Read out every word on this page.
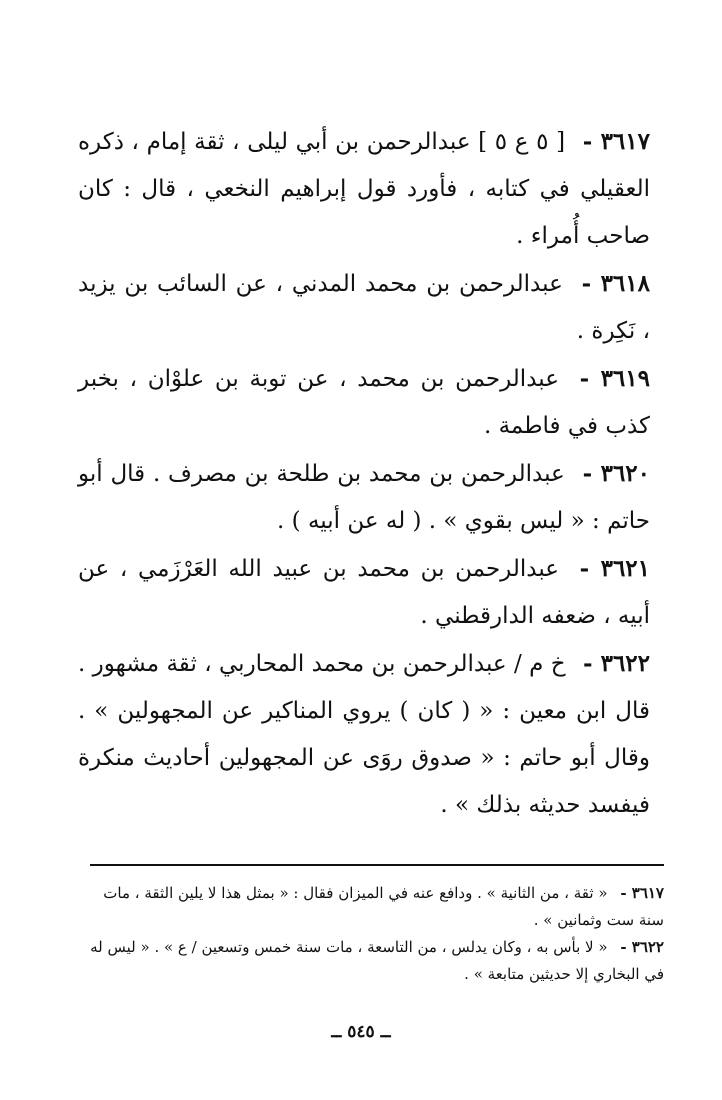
٣٦١٧ - [ ٥ ع ٥ ] عبدالرحمن بن أبي ليلى ، ثقة إمام ، ذكره العقيلي في كتابه ، فأورد قول إبراهيم النخعي ، قال : كان صاحب أُمراء .
٣٦١٨ - عبدالرحمن بن محمد المدني ، عن السائب بن يزيد ، نَكِرة .
٣٦١٩ - عبدالرحمن بن محمد ، عن توبة بن علوْان ، بخبر كذب في فاطمة .
٣٦٢٠ - عبدالرحمن بن محمد بن طلحة بن مصرف . قال أبو حاتم : « ليس بقوي » . ( له عن أبيه ) .
٣٦٢١ - عبدالرحمن بن محمد بن عبيد الله العَرْزَمي ، عن أبيه ، ضعفه الدارقطني .
٣٦٢٢ - خ م / عبدالرحمن بن محمد المحاربي ، ثقة مشهور . قال ابن معين : « ( كان ) يروي المناكير عن المجهولين » . وقال أبو حاتم : « صدوق روَى عن المجهولين أحاديث منكرة فيفسد حديثه بذلك » .
٣٦١٧ - « ثقة ، من الثانية » . ودافع عنه في الميزان فقال : « بمثل هذا لا يلين الثقة ، مات سنة ست وثمانين » .
٣٦٢٢ - « لا بأس به ، وكان يدلس ، من التاسعة ، مات سنة خمس وتسعين / ع » . « ليس له في البخاري إلا حديثين متابعة » .
ــ ٥٤٥ ــ
